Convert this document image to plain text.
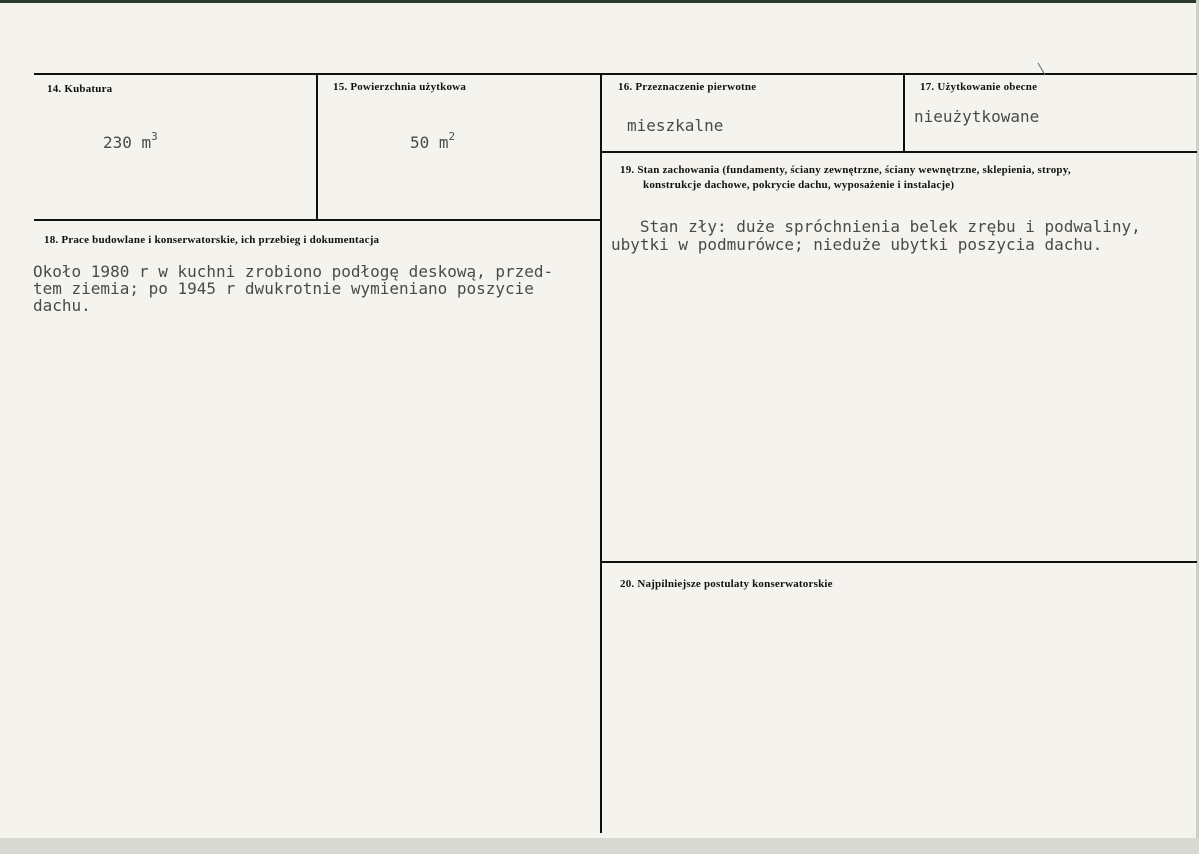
14. Kubatura
230 $m^3$
15. Powierzchnia użytkowa
50 $m^2$
16. Przeznaczenie pierwotne
mieszkalne
17. Użytkowanie obecne
nieużytkowane
18. Prace budowlane i konserwatorskie, ich przebieg i dokumentacja
Około 1980 r w kuchni zrobiono podłogę deskową, przed-
tem ziemia; po 1945 r dwukrotnie wymieniano poszycie
dachu.
19. Stan zachowania (fundamenty, ściany zewnętrzne, ściany wewnętrzne, sklepienia, stropy,
konstrukcje dachowe, pokrycie dachu, wyposażenie i instalacje)
Stan zły: duże spróchnienia belek zrębu i podwaliny,
ubytki w podmurówce; nieduże ubytki poszycia dachu.
20. Najpilniejsze postulaty konserwatorskie
